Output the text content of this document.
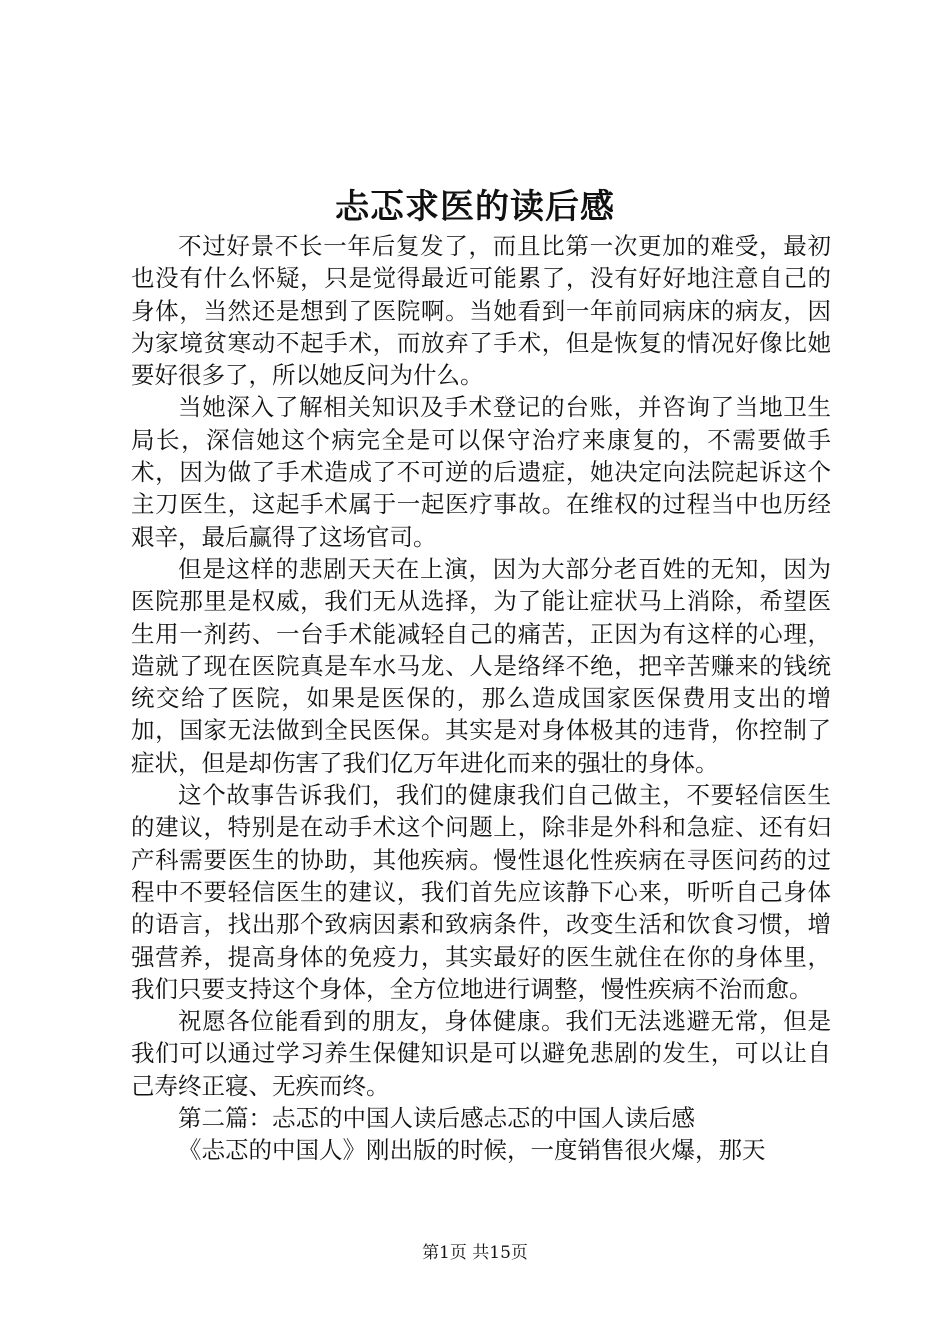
忐忑求医的读后感

不过好景不长一年后复发了，而且比第一次更加的难受，最初也没有什么怀疑，只是觉得最近可能累了，没有好好地注意自己的身体，当然还是想到了医院啊。当她看到一年前同病床的病友，因为家境贫寒动不起手术，而放弃了手术，但是恢复的情况好像比她要好很多了，所以她反问为什么。

当她深入了解相关知识及手术登记的台账，并咨询了当地卫生局长，深信她这个病完全是可以保守治疗来康复的，不需要做手术，因为做了手术造成了不可逆的后遗症，她决定向法院起诉这个主刀医生，这起手术属于一起医疗事故。在维权的过程当中也历经艰辛，最后赢得了这场官司。

但是这样的悲剧天天在上演，因为大部分老百姓的无知，因为医院那里是权威，我们无从选择，为了能让症状马上消除，希望医生用一剂药、一台手术能减轻自己的痛苦，正因为有这样的心理，造就了现在医院真是车水马龙、人是络绎不绝，把辛苦赚来的钱统统交给了医院，如果是医保的，那么造成国家医保费用支出的增加，国家无法做到全民医保。其实是对身体极其的违背，你控制了症状，但是却伤害了我们亿万年进化而来的强壮的身体。

这个故事告诉我们，我们的健康我们自己做主，不要轻信医生的建议，特别是在动手术这个问题上，除非是外科和急症、还有妇产科需要医生的协助，其他疾病。慢性退化性疾病在寻医问药的过程中不要轻信医生的建议，我们首先应该静下心来，听听自己身体的语言，找出那个致病因素和致病条件，改变生活和饮食习惯，增强营养，提高身体的免疫力，其实最好的医生就住在你的身体里，我们只要支持这个身体，全方位地进行调整，慢性疾病不治而愈。

祝愿各位能看到的朋友，身体健康。我们无法逃避无常，但是我们可以通过学习养生保健知识是可以避免悲剧的发生，可以让自己寿终正寝、无疾而终。

第二篇：忐忑的中国人读后感忐忑的中国人读后感

《忐忑的中国人》刚出版的时候，一度销售很火爆，那天

第1页 共15页
